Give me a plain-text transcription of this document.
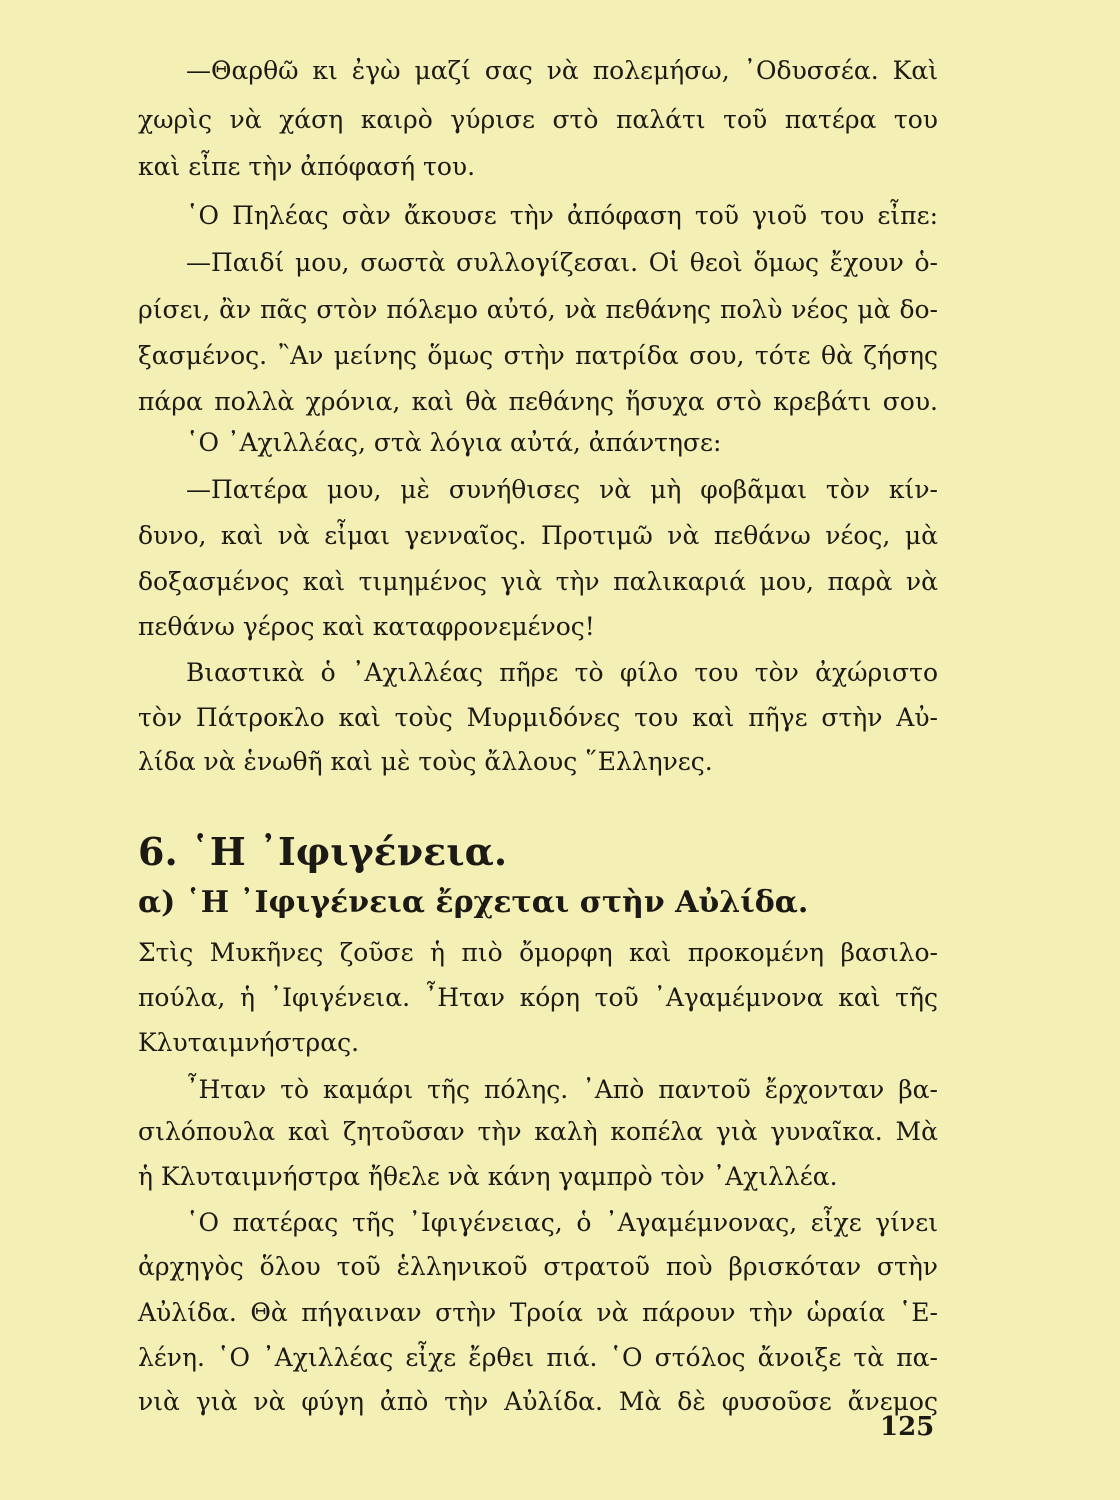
—Θαρθῶ κι ἐγὼ μαζί σας νὰ πολεμήσω, ᾿Οδυσσέα. Καὶ
χωρὶς νὰ χάση καιρὸ γύρισε στὸ παλάτι τοῦ πατέρα του
καὶ εἶπε τὴν ἀπόφασή του.
῾Ο Πηλέας σὰν ἄκουσε τὴν ἀπόφαση τοῦ γιοῦ του εἶπε:
—Παιδί μου, σωστὰ συλλογίζεσαι. Οἱ θεοὶ ὅμως ἔχουν ὁ-
ρίσει, ἂν πᾶς στὸν πόλεμο αὐτό, νὰ πεθάνης πολὺ νέος μὰ δο-
ξασμένος. ῍Αν μείνης ὅμως στὴν πατρίδα σου, τότε θὰ ζήσης
πάρα πολλὰ χρόνια, καὶ θὰ πεθάνης ἥσυχα στὸ κρεβάτι σου.
῾Ο ᾿Αχιλλέας, στὰ λόγια αὐτά, ἀπάντησε:
—Πατέρα μου, μὲ συνήθισες νὰ μὴ φοβᾶμαι τὸν κίν-
δυνο, καὶ νὰ εἶμαι γενναῖος. Προτιμῶ νὰ πεθάνω νέος, μὰ
δοξασμένος καὶ τιμημένος γιὰ τὴν παλικαριά μου, παρὰ νὰ
πεθάνω γέρος καὶ καταφρονεμένος!
Βιαστικὰ ὁ ᾿Αχιλλέας πῆρε τὸ φίλο του τὸν ἀχώριστο
τὸν Πάτροκλο καὶ τοὺς Μυρμιδόνες του καὶ πῆγε στὴν Αὐ-
λίδα νὰ ἑνωθῆ καὶ μὲ τοὺς ἄλλους ῞Ελληνες.
6. ῾Η ᾿Ιφιγένεια.
α) ῾Η ᾿Ιφιγένεια ἔρχεται στὴν Αὐλίδα.
Στὶς Μυκῆνες ζοῦσε ἡ πιὸ ὄμορφη καὶ προκομένη βασιλο-
πούλα, ἡ ᾿Ιφιγένεια. ῏Ηταν κόρη τοῦ ᾿Αγαμέμνονα καὶ τῆς
Κλυταιμνήστρας.
῏Ηταν τὸ καμάρι τῆς πόλης. ᾿Απὸ παντοῦ ἔρχονταν βα-
σιλόπουλα καὶ ζητοῦσαν τὴν καλὴ κοπέλα γιὰ γυναῖκα. Μὰ
ἡ Κλυταιμνήστρα ἤθελε νὰ κάνη γαμπρὸ τὸν ᾿Αχιλλέα.
῾Ο πατέρας τῆς ᾿Ιφιγένειας, ὁ ᾿Αγαμέμνονας, εἶχε γίνει
ἀρχηγὸς ὅλου τοῦ ἑλληνικοῦ στρατοῦ ποὺ βρισκόταν στὴν
Αὐλίδα. Θὰ πήγαιναν στὴν Τροία νὰ πάρουν τὴν ὡραία ῾Ε-
λένη. ῾Ο ᾿Αχιλλέας εἶχε ἔρθει πιά. ῾Ο στόλος ἄνοιξε τὰ πα-
νιὰ γιὰ νὰ φύγη ἀπὸ τὴν Αὐλίδα. Μὰ δὲ φυσοῦσε ἄνεμος
125
